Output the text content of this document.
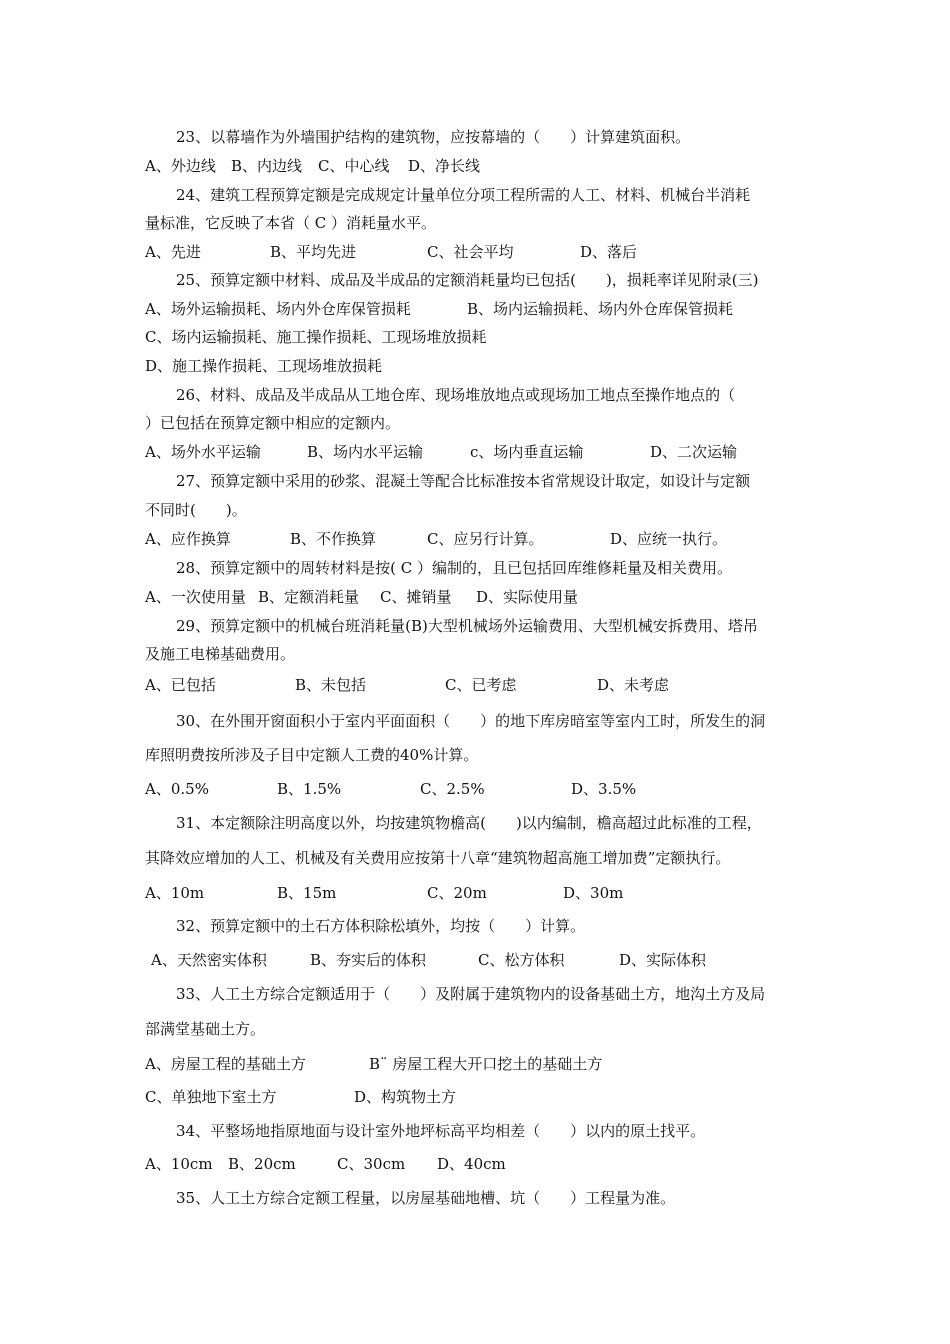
23、以幕墙作为外墙围护结构的建筑物，应按幕墙的（　　）计算建筑面积。
A、外边线 B、内边线 C、中心线 D、净长线
24、建筑工程预算定额是完成规定计量单位分项工程所需的人工、材料、机械台半消耗
量标准，它反映了本省（ C ）消耗量水平。
A、先进	B、平均先进	C、社会平均	D、落后
25、预算定额中材料、成品及半成品的定额消耗量均已包括(　　)，损耗率详见附录(三)
A、场外运输损耗、场内外仓库保管损耗	B、场内运输损耗、场内外仓库保管损耗
C、场内运输损耗、施工操作损耗、工现场堆放损耗
D、施工操作损耗、工现场堆放损耗
26、材料、成品及半成品从工地仓库、现场堆放地点或现场加工地点至操作地点的（
）已包括在预算定额中相应的定额内。
A、场外水平运输	B、场内水平运输	c、场内垂直运输	D、二次运输
27、预算定额中采用的砂浆、混凝土等配合比标准按本省常规设计取定，如设计与定额
不同时(　　)。
A、应作换算	B、不作换算	C、应另行计算。	D、应统一执行。
28、预算定额中的周转材料是按( C ）编制的，且已包括回库维修耗量及相关费用。
A、一次使用量 B、定额消耗量 C、摊销量 D、实际使用量
29、预算定额中的机械台班消耗量(B)大型机械场外运输费用、大型机械安拆费用、塔吊
及施工电梯基础费用。
A、已包括	B、未包括	C、已考虑	D、未考虑
30、在外围开窗面积小于室内平面面积（　　）的地下库房暗室等室内工时，所发生的洞
库照明费按所涉及子目中定额人工费的40%计算。
A、0.5%	B、1.5%	C、2.5%	D、3.5%
31、本定额除注明高度以外，均按建筑物檐高(　　)以内编制，檐高超过此标准的工程，
其降效应增加的人工、机械及有关费用应按第十八章“建筑物超高施工增加费”定额执行。
A、10m	B、15m	C、20m	D、30m
32、预算定额中的土石方体积除松填外，均按（　　）计算。
A、天然密实体积	B、夯实后的体积	C、松方体积	D、实际体积
33、人工土方综合定额适用于（　　）及附属于建筑物内的设备基础土方，地沟土方及局
部满堂基础土方。
A、房屋工程的基础土方	B¨ 房屋工程大开口挖土的基础土方
C、单独地下室土方	D、构筑物土方
34、平整场地指原地面与设计室外地坪标高平均相差（　　）以内的原土找平。
A、10cm B、20cm	C、30cm D、40cm
35、人工土方综合定额工程量，以房屋基础地槽、坑（　　）工程量为准。
